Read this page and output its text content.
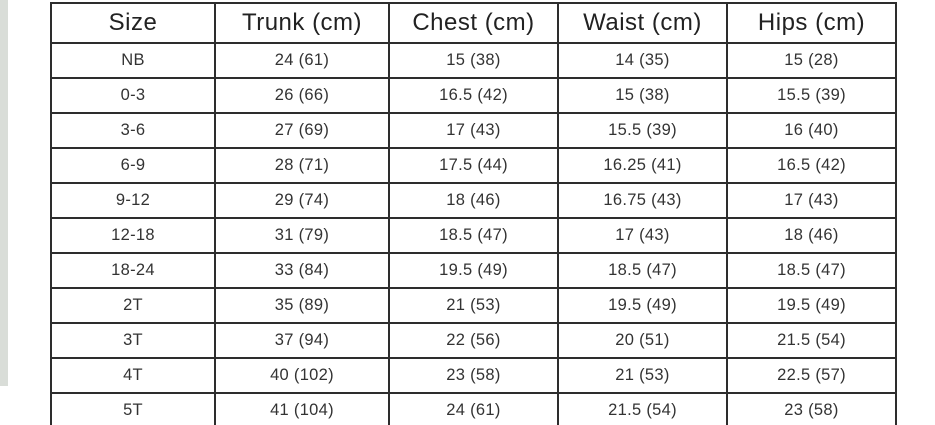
Size	Trunk (cm)	Chest (cm)	Waist (cm)	Hips (cm)
NB	24 (61)	15 (38)	14 (35)	15 (28)
0-3	26 (66)	16.5 (42)	15 (38)	15.5 (39)
3-6	27 (69)	17 (43)	15.5 (39)	16 (40)
6-9	28 (71)	17.5 (44)	16.25 (41)	16.5 (42)
9-12	29 (74)	18 (46)	16.75 (43)	17 (43)
12-18	31 (79)	18.5 (47)	17 (43)	18 (46)
18-24	33 (84)	19.5 (49)	18.5 (47)	18.5 (47)
2T	35 (89)	21 (53)	19.5 (49)	19.5 (49)
3T	37 (94)	22 (56)	20 (51)	21.5 (54)
4T	40 (102)	23 (58)	21 (53)	22.5 (57)
5T	41 (104)	24 (61)	21.5 (54)	23 (58)
